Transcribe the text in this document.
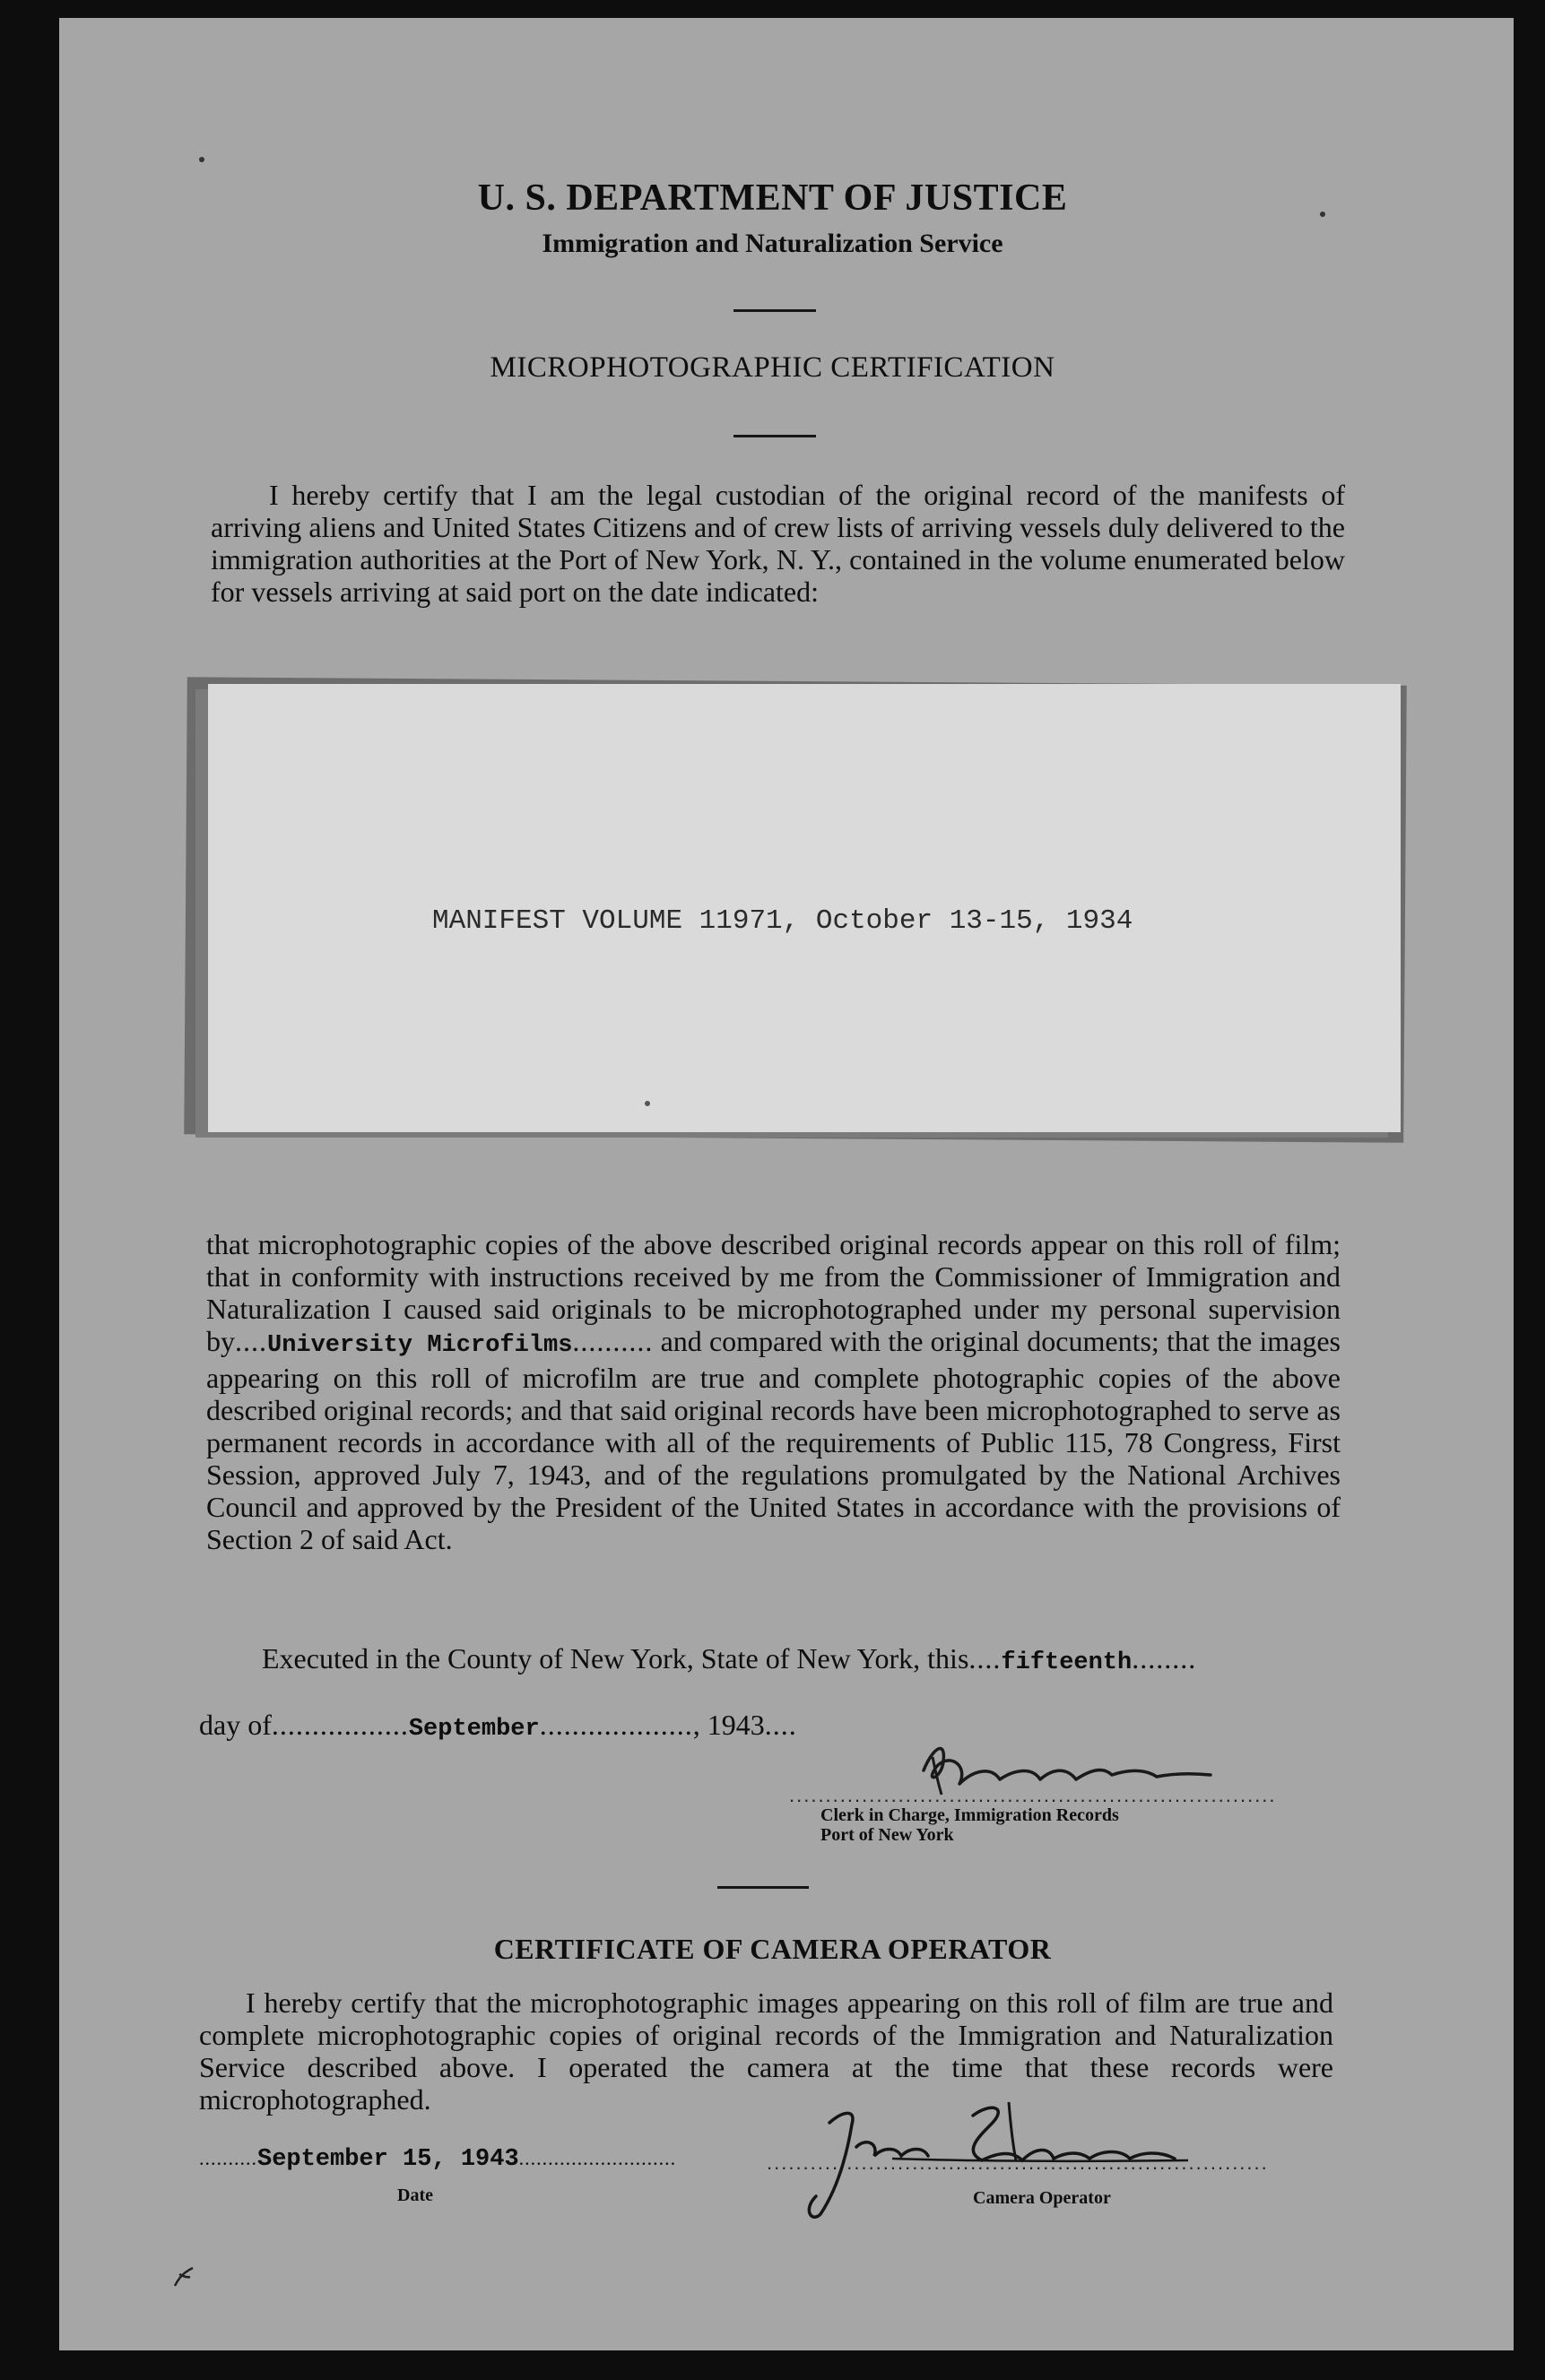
U. S. DEPARTMENT OF JUSTICE
Immigration and Naturalization Service
MICROPHOTOGRAPHIC CERTIFICATION
I hereby certify that I am the legal custodian of the original record of the manifests of arriving aliens and United States Citizens and of crew lists of arriving vessels duly delivered to the immigration authorities at the Port of New York, N. Y., contained in the volume enumerated below for vessels arriving at said port on the date indicated:
MANIFEST VOLUME 11971, October 13-15, 1934
that microphotographic copies of the above described original records appear on this roll of film; that in conformity with instructions received by me from the Commissioner of Immigration and Naturalization I caused said originals to be microphotographed under my personal supervision by....University Microfilms.......... and compared with the original documents; that the images appearing on this roll of microfilm are true and complete photographic copies of the above described original records; and that said original records have been microphotographed to serve as permanent records in accordance with all of the requirements of Public 115, 78 Congress, First Session, approved July 7, 1943, and of the regulations promulgated by the National Archives Council and approved by the President of the United States in accordance with the provisions of Section 2 of said Act.
Executed in the County of New York, State of New York, this....fifteenth........
day of.................September..................., 1943....
...................................................................
Clerk in Charge, Immigration Records
Port of New York
CERTIFICATE OF CAMERA OPERATOR
I hereby certify that the microphotographic images appearing on this roll of film are true and complete microphotographic copies of original records of the Immigration and Naturalization Service described above. I operated the camera at the time that these records were microphotographed.
..........September 15, 1943...........................
Date
.....................................................................
Camera Operator
